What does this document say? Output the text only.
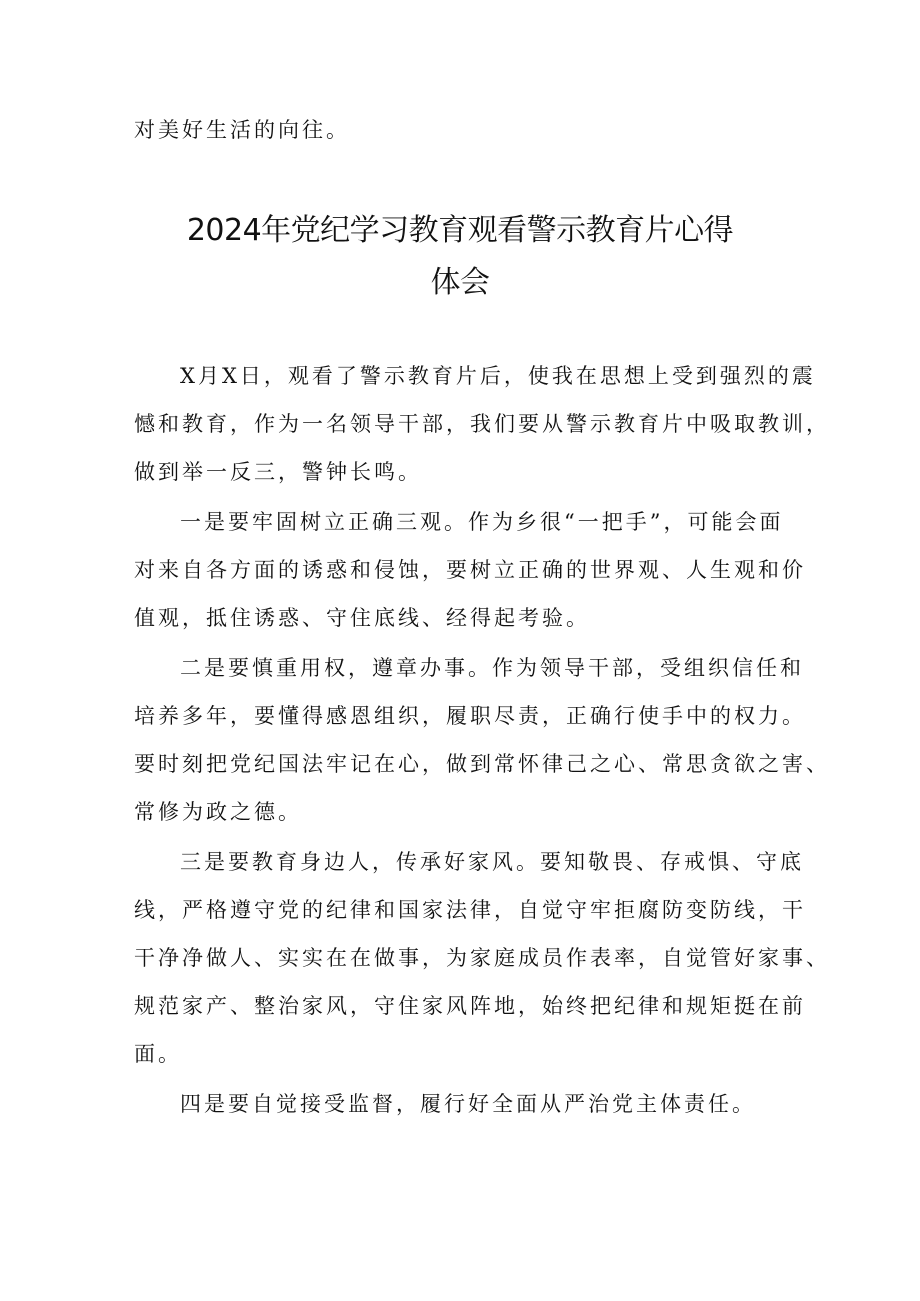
对美好生活的向往。
2024年党纪学习教育观看警示教育片心得
体会
X月X日，观看了警示教育片后，使我在思想上受到强烈的震
憾和教育，作为一名领导干部，我们要从警示教育片中吸取教训，
做到举一反三，警钟长鸣。
一是要牢固树立正确三观。作为乡很“一把手”，可能会面
对来自各方面的诱惑和侵蚀，要树立正确的世界观、人生观和价
值观，抵住诱惑、守住底线、经得起考验。
二是要慎重用权，遵章办事。作为领导干部，受组织信任和
培养多年，要懂得感恩组织，履职尽责，正确行使手中的权力。
要时刻把党纪国法牢记在心，做到常怀律己之心、常思贪欲之害、
常修为政之德。
三是要教育身边人，传承好家风。要知敬畏、存戒惧、守底
线，严格遵守党的纪律和国家法律，自觉守牢拒腐防变防线，干
干净净做人、实实在在做事，为家庭成员作表率，自觉管好家事、
规范家产、整治家风，守住家风阵地，始终把纪律和规矩挺在前
面。
四是要自觉接受监督，履行好全面从严治党主体责任。
